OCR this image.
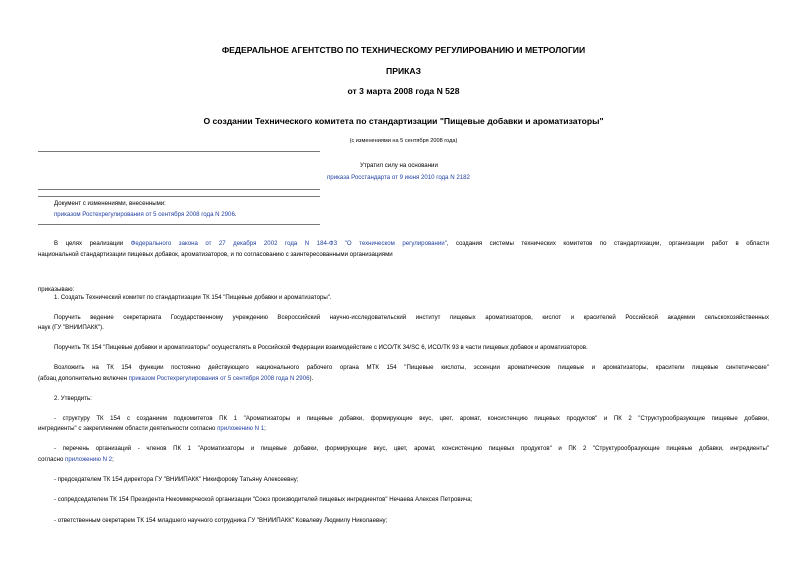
ФЕДЕРАЛЬНОЕ АГЕНТСТВО ПО ТЕХНИЧЕСКОМУ РЕГУЛИРОВАНИЮ И МЕТРОЛОГИИ
ПРИКАЗ
от 3 марта 2008 года N 528
О создании Технического комитета по стандартизации "Пищевые добавки и ароматизаторы"
(с изменениями на 5 сентября 2008 года)
Утратил силу на основании
приказа Росстандарта от 9 июня 2010 года N 2182
Документ с изменениями, внесенными:
приказом Ростехрегулирования от 5 сентября 2008 года N 2906.
В целях реализации Федерального закона от 27 декабря 2002 года N 184-ФЗ "О техническом регулировании", создания системы технических комитетов по стандартизации, организации работ в области
национальной стандартизации пищевых добавок, ароматизаторов, и по согласованию с заинтересованными организациями
приказываю:
1. Создать Технический комитет по стандартизации ТК 154 "Пищевые добавки и ароматизаторы".
Поручить ведение секретариата Государственному учреждению Всероссийский научно-исследовательский институт пищевых ароматизаторов, кислот и красителей Российской академии сельскохозяйственных
наук (ГУ "ВНИИПАКК").
Поручить ТК 154 "Пищевые добавки и ароматизаторы" осуществлять в Российской Федерации взаимодействие с ИСО/ТК 34/SC 6, ИСО/ТК 93 в части пищевых добавок и ароматизаторов.
Возложить на ТК 154 функции постоянно действующего национального рабочего органа МТК 154 "Пищевые кислоты, эссенции ароматические пищевые и ароматизаторы, красители пищевые синтетические"
(абзац дополнительно включен приказом Ростехрегулирования от 5 сентября 2008 года N 2906).
2. Утвердить:
- структуру ТК 154 с созданием подкомитетов ПК 1 "Ароматизаторы и пищевые добавки, формирующие вкус, цвет, аромат, консистенцию пищевых продуктов" и ПК 2 "Структурообразующие пищевые добавки,
ингредиенты" с закреплением области деятельности согласно приложению N 1;
- перечень организаций - членов ПК 1 "Ароматизаторы и пищевые добавки, формирующие вкус, цвет, аромат, консистенцию пищевых продуктов" и ПК 2 "Структурообразующие пищевые добавки, ингредиенты"
согласно приложению N 2;
- председателем ТК 154 директора ГУ "ВНИИПАКК" Никифорову Татьяну Алексеевну;
- сопредседателем ТК 154 Президента Некоммерческой организации "Союз производителей пищевых ингредиентов" Нечаева Алексея Петровича;
- ответственным секретарем ТК 154 младшего научного сотрудника ГУ "ВНИИПАКК" Ковалеву Людмилу Николаевну;
